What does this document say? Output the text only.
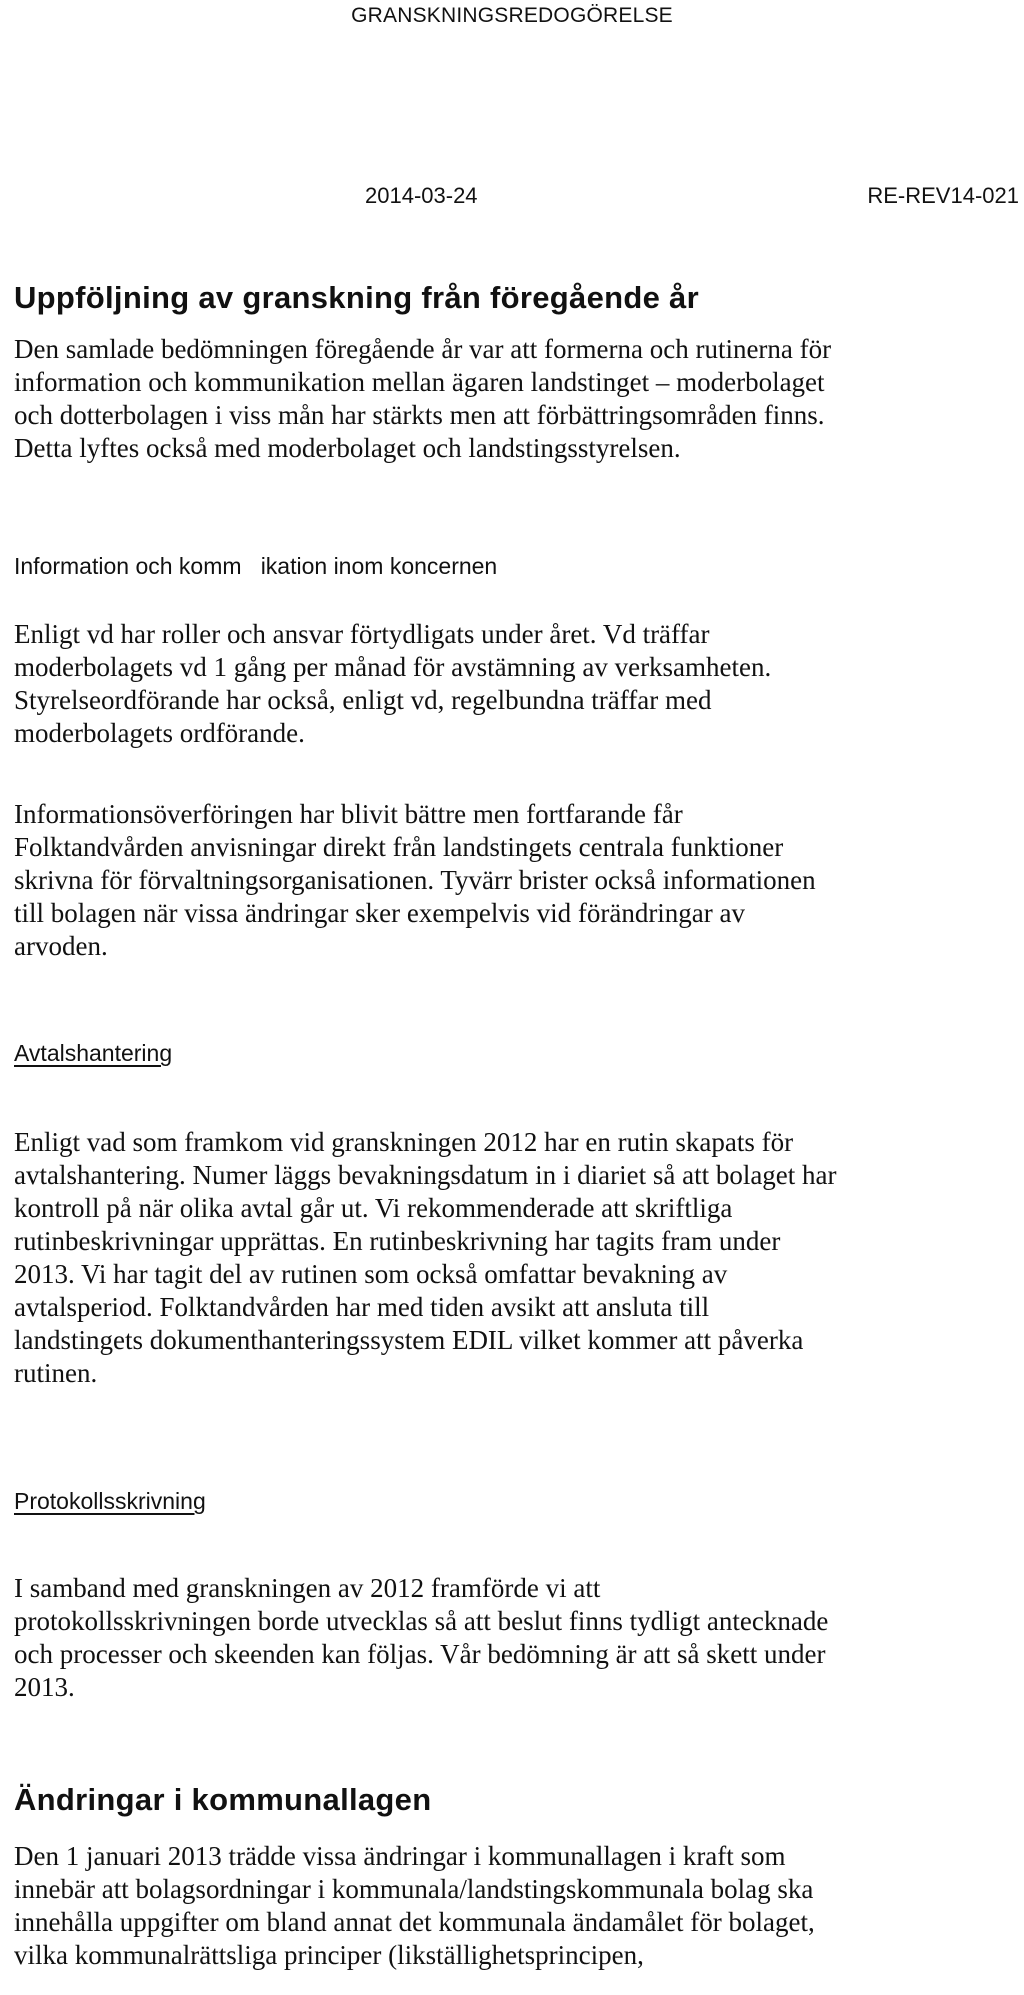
GRANSKNINGSREDOGÖRELSE
2014-03-24	RE-REV14-021
Uppföljning av granskning från föregående år
Den samlade bedömningen föregående år var att formerna och rutinerna för
information och kommunikation mellan ägaren landstinget – moderbolaget
och dotterbolagen i viss mån har stärkts men att förbättringsområden finns.
Detta lyftes också med moderbolaget och landstingsstyrelsen.
Information och komm   ikation inom koncernen
Enligt vd har roller och ansvar förtydligats under året. Vd träffar
moderbolagets vd 1 gång per månad för avstämning av verksamheten.
Styrelseordförande har också, enligt vd, regelbundna träffar med
moderbolagets ordförande.
Informationsöverföringen har blivit bättre men fortfarande får
Folktandvården anvisningar direkt från landstingets centrala funktioner
skrivna för förvaltningsorganisationen. Tyvärr brister också informationen
till bolagen när vissa ändringar sker exempelvis vid förändringar av
arvoden.
Avtalshantering
Enligt vad som framkom vid granskningen 2012 har en rutin skapats för
avtalshantering. Numer läggs bevakningsdatum in i diariet så att bolaget har
kontroll på när olika avtal går ut. Vi rekommenderade att skriftliga
rutinbeskrivningar upprättas. En rutinbeskrivning har tagits fram under
2013. Vi har tagit del av rutinen som också omfattar bevakning av
avtalsperiod. Folktandvården har med tiden avsikt att ansluta till
landstingets dokumenthanteringssystem EDIL vilket kommer att påverka
rutinen.
Protokollsskrivning
I samband med granskningen av 2012 framförde vi att
protokollsskrivningen borde utvecklas så att beslut finns tydligt antecknade
och processer och skeenden kan följas. Vår bedömning är att så skett under
2013.
Ändringar i kommunallagen
Den 1 januari 2013 trädde vissa ändringar i kommunallagen i kraft som
innebär att bolagsordningar i kommunala/landstingskommunala bolag ska
innehålla uppgifter om bland annat det kommunala ändamålet för bolaget,
vilka kommunalrättsliga principer (likställighetsprincipen,
